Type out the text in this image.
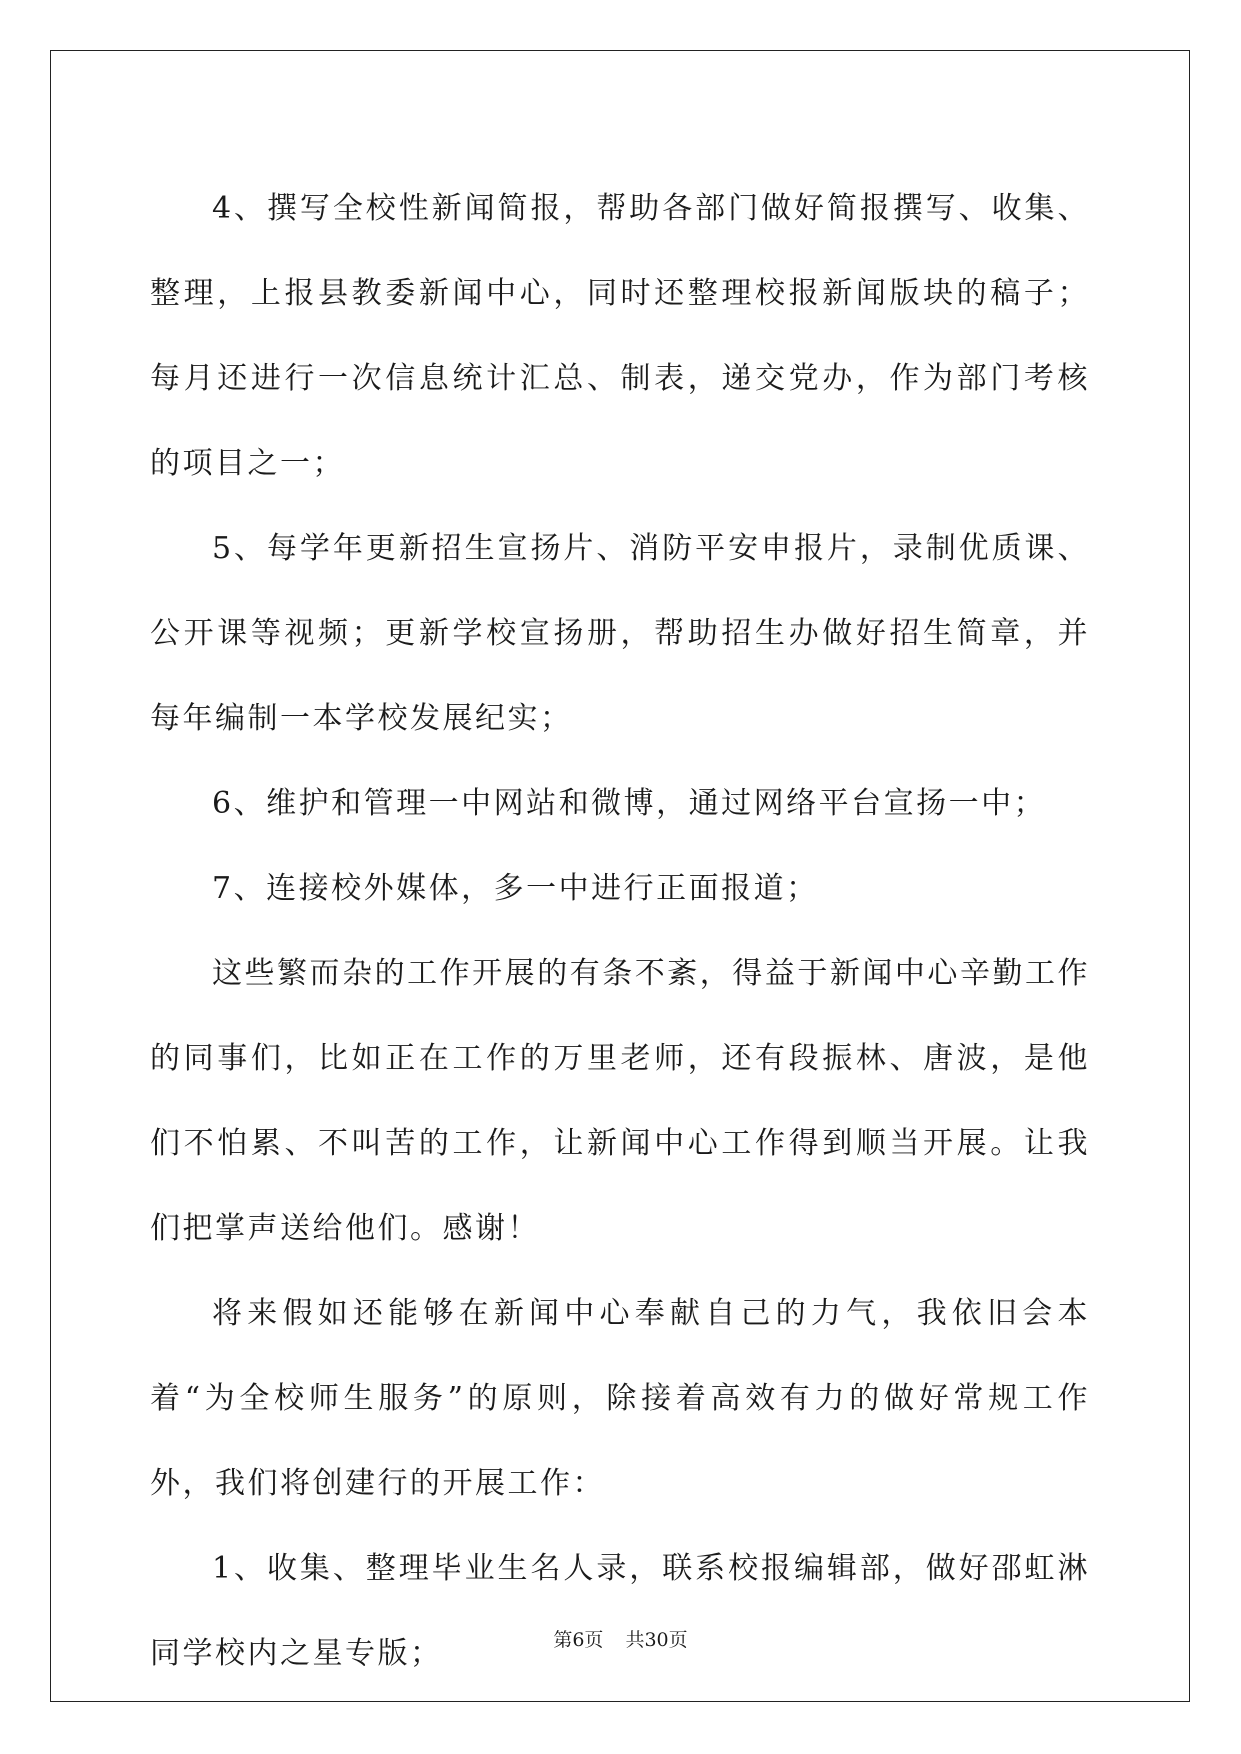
4、撰写全校性新闻简报，帮助各部门做好简报撰写、收集、整理，上报县教委新闻中心，同时还整理校报新闻版块的稿子；每月还进行一次信息统计汇总、制表，递交党办，作为部门考核的项目之一；

5、每学年更新招生宣扬片、消防平安申报片，录制优质课、公开课等视频；更新学校宣扬册，帮助招生办做好招生简章，并每年编制一本学校发展纪实；

6、维护和管理一中网站和微博，通过网络平台宣扬一中；

7、连接校外媒体，多一中进行正面报道；

这些繁而杂的工作开展的有条不紊，得益于新闻中心辛勤工作的同事们，比如正在工作的万里老师，还有段振林、唐波，是他们不怕累、不叫苦的工作，让新闻中心工作得到顺当开展。让我们把掌声送给他们。感谢！

将来假如还能够在新闻中心奉献自己的力气，我依旧会本着“为全校师生服务”的原则，除接着高效有力的做好常规工作外，我们将创建行的开展工作：

1、收集、整理毕业生名人录，联系校报编辑部，做好邵虹淋同学校内之星专版；	第6页 共30页
